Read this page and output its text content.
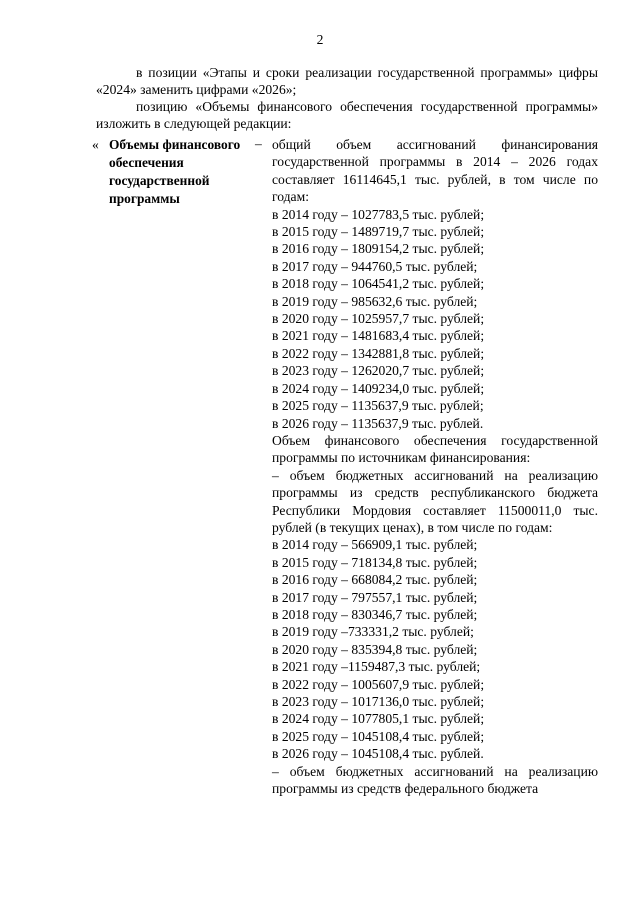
2
в позиции «Этапы и сроки реализации государственной программы» цифры «2024» заменить цифрами «2026»;
позицию «Объемы финансового обеспечения государственной программы» изложить в следующей редакции:
« Объемы финансового обеспечения государственной программы
– общий объем ассигнований финансирования государственной программы в 2014 – 2026 годах составляет 16114645,1 тыс. рублей, в том числе по годам:
в 2014 году – 1027783,5 тыс. рублей;
в 2015 году – 1489719,7 тыс. рублей;
в 2016 году – 1809154,2 тыс. рублей;
в 2017 году – 944760,5 тыс. рублей;
в 2018 году – 1064541,2 тыс. рублей;
в 2019 году – 985632,6 тыс. рублей;
в 2020 году – 1025957,7 тыс. рублей;
в 2021 году – 1481683,4 тыс. рублей;
в 2022 году – 1342881,8 тыс. рублей;
в 2023 году – 1262020,7 тыс. рублей;
в 2024 году – 1409234,0 тыс. рублей;
в 2025 году – 1135637,9 тыс. рублей;
в 2026 году – 1135637,9 тыс. рублей.
Объем финансового обеспечения государственной программы по источникам финансирования:
– объем бюджетных ассигнований на реализацию программы из средств республиканского бюджета Республики Мордовия составляет 11500011,0 тыс. рублей (в текущих ценах), в том числе по годам:
в 2014 году – 566909,1 тыс. рублей;
в 2015 году – 718134,8 тыс. рублей;
в 2016 году – 668084,2 тыс. рублей;
в 2017 году – 797557,1 тыс. рублей;
в 2018 году – 830346,7 тыс. рублей;
в 2019 году –733331,2 тыс. рублей;
в 2020 году – 835394,8 тыс. рублей;
в 2021 году –1159487,3 тыс. рублей;
в 2022 году – 1005607,9 тыс. рублей;
в 2023 году – 1017136,0 тыс. рублей;
в 2024 году – 1077805,1 тыс. рублей;
в 2025 году – 1045108,4 тыс. рублей;
в 2026 году – 1045108,4 тыс. рублей.
– объем бюджетных ассигнований на реализацию программы из средств федерального бюджета
